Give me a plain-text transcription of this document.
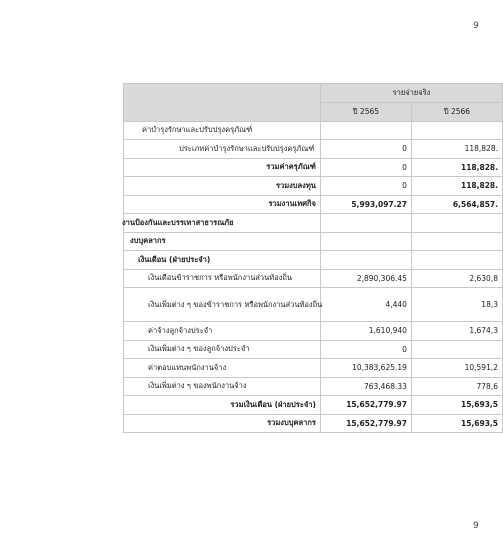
9
	รายจ่ายจริง	
	ปี 2565	ปี 2566
ค่าบำรุงรักษาและปรับปรุงครุภัณฑ์		
ประเภทค่าบำรุงรักษาและปรับปรุงครุภัณฑ์	0	118,828.
รวมค่าครุภัณฑ์	0	118,828.
รวมงบลงทุน	0	118,828.
รวมงานเทศกิจ	5,993,097.27	6,564,857.

งานป้องกันและบรรเทาสาธารณภัย		

งบบุคลากร		
เงินเดือน (ฝ่ายประจำ)		
เงินเดือนข้าราชการ หรือพนักงานส่วนท้องถิ่น	2,890,306.45	2,630,8
เงินเพิ่มต่าง ๆ ของข้าราชการ หรือพนักงานส่วนท้องถิ่น	4,440	18,3
ค่าจ้างลูกจ้างประจำ	1,610,940	1,674,3
เงินเพิ่มต่าง ๆ ของลูกจ้างประจำ	0	
ค่าตอบแทนพนักงานจ้าง	10,383,625.19	10,591,2
เงินเพิ่มต่าง ๆ ของพนักงานจ้าง	763,468.33	778,6
รวมเงินเดือน (ฝ่ายประจำ)	15,652,779.97	15,693,5
รวมงบบุคลากร	15,652,779.97	15,693,5
9
